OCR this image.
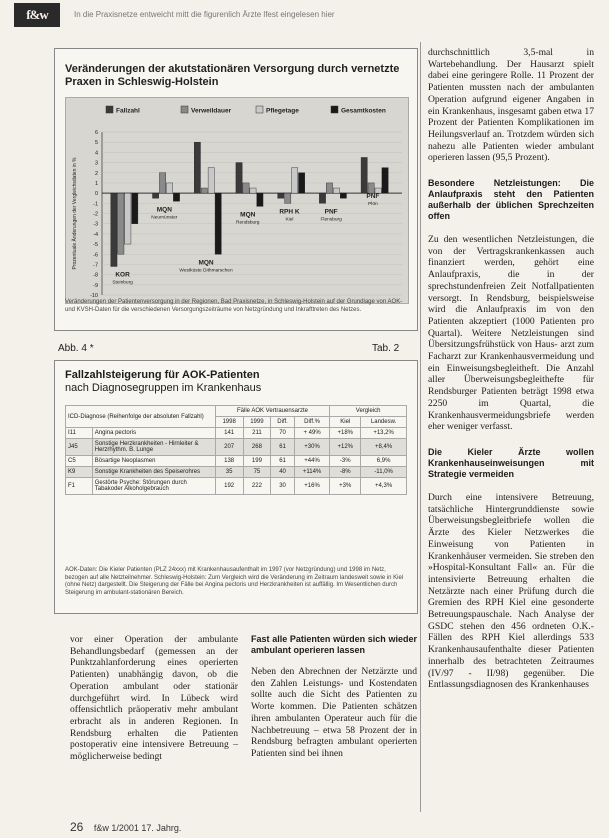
f&w	In die Praxisnetze entweicht mitt die figurenlich Ärzte lfest eingelesen hier
Veränderungen der akutstationären Versorgung durch vernetzte Praxen in Schleswig-Holstein
Fallzahl	Verweildauer	Pflegetage	Gesamtkosten
6
5
4
3
2
1
0
-1
-2
-3
-4
-5
-6
-7
-8
-9
-10
Prozentuale Änderungen der Vergleichsdaten in %
KOR
Steinburg
MQN
Neumünster
MQN
Westküste Dithmarschen
MQN
Rendsburg
RPH K
Kiel
PNF
Flensburg
PNF
Plön
Veränderungen der Patientenversorgung in der Regionen, Bad Praxisnetze, in Schleswig-Holstein auf der Grundlage von AOK- und KVSH-Daten für die verschiedenen Versorgungszeiträume von Netzgründung und Inkrafttreten des Netzes.
Abb. 4 *	Tab. 2
Fallzahlsteigerung für AOK-Patienten
nach Diagnosegruppen im Krankenhaus
ICD-Diagnose (Reihenfolge der absoluten Fallzahl)		Fälle AOK Vertrauensarzte				Vergleich	
		1998	1999	Diff.	Diff.%	Kiel	Landesw.
I11	Angina pectoris	141	211	70	+ 49%	+18%	+13,2%
J45	Sonstige Herzkrankheiten - Hirnleiter & Herzrhythm. B. Lunge	207	268	61	+30%	+12%	+8,4%
C5	Bösartige Neoplasmen	138	199	61	+44%	-3%	6,9%
K9	Sonstige Krankheiten des Speiserohres	35	75	40	+114%	-8%	-11,0%
F1	Gestörte Psyche: Störungen durch Tabakoder Alkoholgebrauch	192	222	30	+16%	+3%	+4,3%
AOK-Daten: Die Kieler Patienten (PLZ 24xxx) mit Krankenhausaufenthalt im 1997 (vor Netzgründung) und 1998 im Netz, bezogen auf alle Netzteilnehmer. Schleswig-Holstein: Zum Vergleich wird die Veränderung im Zeitraum landesweit sowie in Kiel (ohne Netz) dargestellt. Die Steigerung der Fälle bei Angina pectoris und Herzkrankheiten ist auffällig. Im Wesentlichen durch Steigerung im ambulant-stationären Bereich.

durchschnittlich 3,5-mal in Wartebehandlung. Der Hausarzt spielt dabei eine geringere Rolle. 11 Prozent der Patienten mussten nach der ambulanten Operation aufgrund eigener Angaben in ein Krankenhaus, insgesamt gaben etwa 17 Prozent der Patienten Komplikationen im Heilungsverlauf an. Trotzdem würden sich nahezu alle Patienten wieder ambulant operieren lassen (95,5 Prozent).

Besondere Netzleistungen: Die Anlaufpraxis steht den Patienten außerhalb der üblichen Sprechzeiten offen

Zu den wesentlichen Netzleistungen, die von der Vertragskrankenkassen auch finanziert werden, gehört eine Anlaufpraxis, die in der sprechstundenfreien Zeit Notfallpatienten versorgt. In Rendsburg, beispielsweise wird die Anlaufpraxis im von den Patienten akzeptiert (1000 Patienten pro Quartal). Weitere Netzleistungen sind Übersitzungsfrühstück von Haus- arzt zum Facharzt zur Krankenhausvermeidung und ein Einweisungsbegleitheft. Die Anzahl aller Überweisungsbegleithefte für Rendsburger Patienten beträgt 1998 etwa 2250 im Quartal, die Krankenhausvermeidungsbriefe werden eher weniger verfasst.

Die Kieler Ärzte wollen Krankenhauseinweisungen mit Strategie vermeiden

Durch eine intensivere Betreuung, tatsächliche Hintergrunddienste sowie Überweisungsbegleitbriefe wollen die Ärzte des Kieler Netzwerkes die Einweisung von Patienten in Krankenhäuser vermeiden. Sie streben den »Hospital-Konsultant Fall« an. Für die intensivierte Betreuung erhalten die Netzärzte nach einer Prüfung durch die Gremien des RPH Kiel eine gesonderte Betreuungspauschale. Nach Analyse der GSDC stehen den 456 ordneten O.K.-Fällen des RPH Kiel allerdings 533 Krankenhausaufenthalte dieser Patienten innerhalb des betrachteten Zeitraumes (IV/97 - II/98) gegenüber. Die Entlassungsdiagnosen des Krankenhauses

vor einer Operation der ambulante Behandlungsbedarf (gemessen an der Punktzahlanforderung eines operierten Patienten) unabhängig davon, ob die Operation ambulant oder stationär durchgeführt wird. In Lübeck wird offensichtlich präoperativ mehr ambulant erbracht als in anderen Regionen. In Rendsburg erhalten die Patienten postoperativ eine intensivere Betreuung – möglicherweise bedingt

Fast alle Patienten würden sich wieder ambulant operieren lassen

Neben den Abrechnen der Netzärzte und den Zahlen Leistungs- und Kostendaten sollte auch die Sicht des Patienten zu Worte kommen. Die Patienten schätzen ihren ambulanten Operateur auch für die Nachbetreuung – etwa 58 Prozent der in Rendsburg befragten ambulant operierten Patienten sind bei ihnen

26 f&w 1/2001 17. Jahrg.
